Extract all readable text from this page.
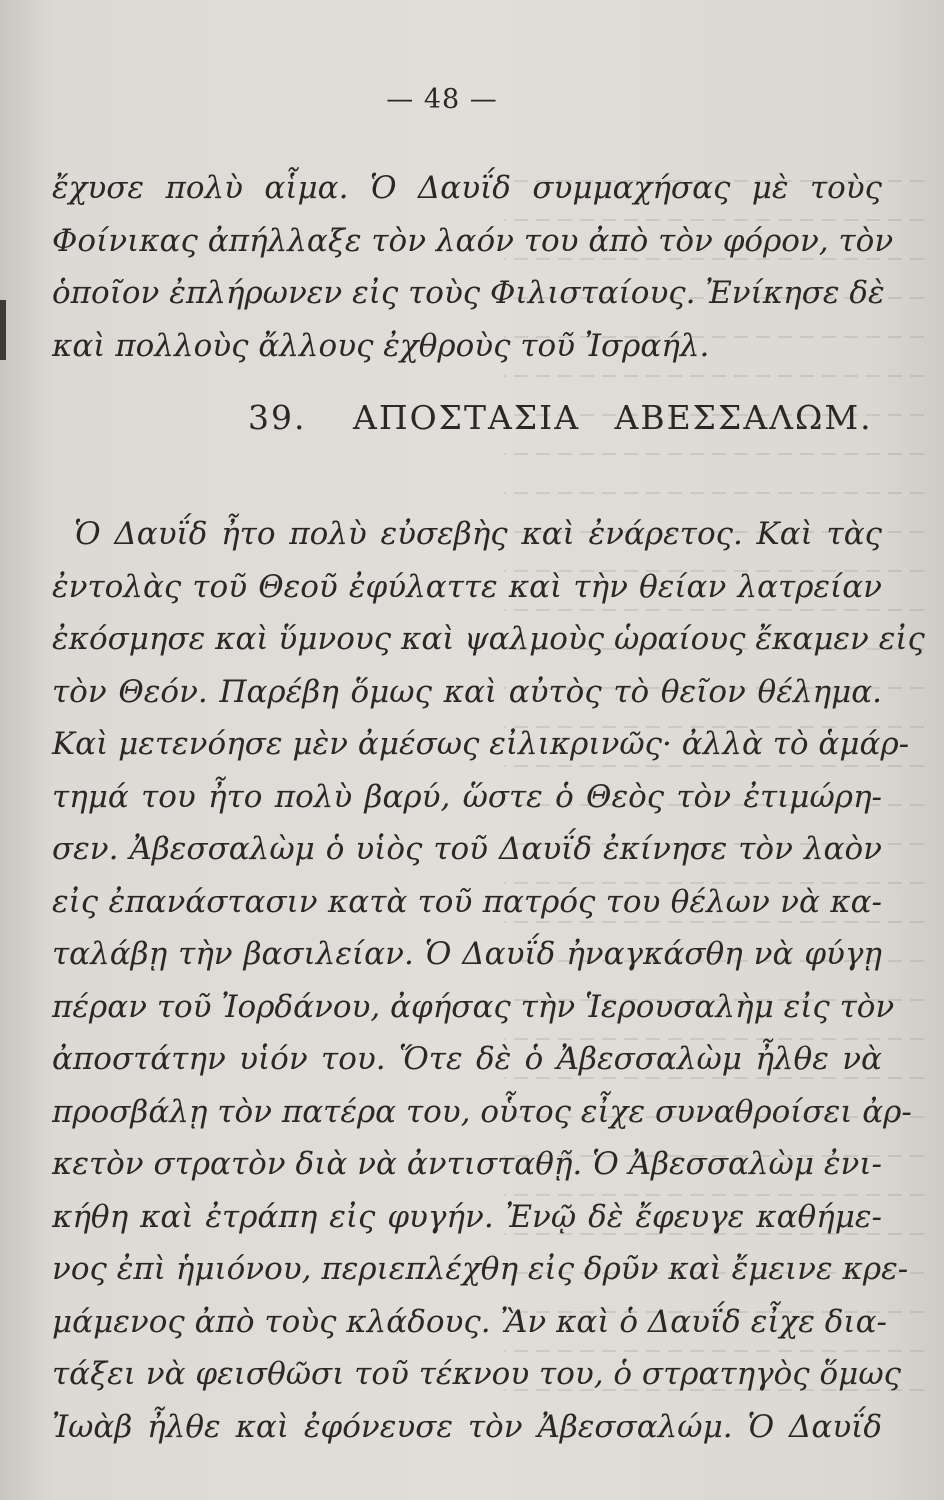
— 48 —
ἔχυσε πολὺ αἷμα. Ὁ Δαυΐδ συμμαχήσας μὲ τοὺς
Φοίνικας ἀπήλλαξε τὸν λαόν του ἀπὸ τὸν φόρον, τὸν
ὁποῖον ἐπλήρωνεν εἰς τοὺς Φιλισταίους. Ἐνίκησε δὲ
καὶ πολλοὺς ἄλλους ἐχθροὺς τοῦ Ἰσραήλ.
39. ΑΠΟΣΤΑΣΙΑ ΑΒΕΣΣΑΛΩΜ.
Ὁ Δαυΐδ ἦτο πολὺ εὐσεβὴς καὶ ἐνάρετος. Καὶ τὰς
ἐντολὰς τοῦ Θεοῦ ἐφύλαττε καὶ τὴν θείαν λατρείαν
ἐκόσμησε καὶ ὕμνους καὶ ψαλμοὺς ὡραίους ἔκαμεν εἰς
τὸν Θεόν. Παρέβη ὅμως καὶ αὐτὸς τὸ θεῖον θέλημα.
Καὶ μετενόησε μὲν ἀμέσως εἰλικρινῶς· ἀλλὰ τὸ ἁμάρ-
τημά του ἦτο πολὺ βαρύ, ὥστε ὁ Θεὸς τὸν ἐτιμώρη-
σεν. Ἀβεσσαλὼμ ὁ υἱὸς τοῦ Δαυΐδ ἐκίνησε τὸν λαὸν
εἰς ἐπανάστασιν κατὰ τοῦ πατρός του θέλων νὰ κα-
ταλάβῃ τὴν βασιλείαν. Ὁ Δαυΐδ ἠναγκάσθη νὰ φύγῃ
πέραν τοῦ Ἰορδάνου, ἀφήσας τὴν Ἱερουσαλὴμ εἰς τὸν
ἀποστάτην υἱόν του. Ὅτε δὲ ὁ Ἀβεσσαλὼμ ἦλθε νὰ
προσβάλῃ τὸν πατέρα του, οὗτος εἶχε συναθροίσει ἀρ-
κετὸν στρατὸν διὰ νὰ ἀντισταθῇ. Ὁ Ἀβεσσαλὼμ ἐνι-
κήθη καὶ ἐτράπη εἰς φυγήν. Ἐνῷ δὲ ἔφευγε καθήμε-
νος ἐπὶ ἡμιόνου, περιεπλέχθη εἰς δρῦν καὶ ἔμεινε κρε-
μάμενος ἀπὸ τοὺς κλάδους. Ἂν καὶ ὁ Δαυΐδ εἶχε δια-
τάξει νὰ φεισθῶσι τοῦ τέκνου του, ὁ στρατηγὸς ὅμως
Ἰωὰβ ἦλθε καὶ ἐφόνευσε τὸν Ἀβεσσαλώμ. Ὁ Δαυΐδ
